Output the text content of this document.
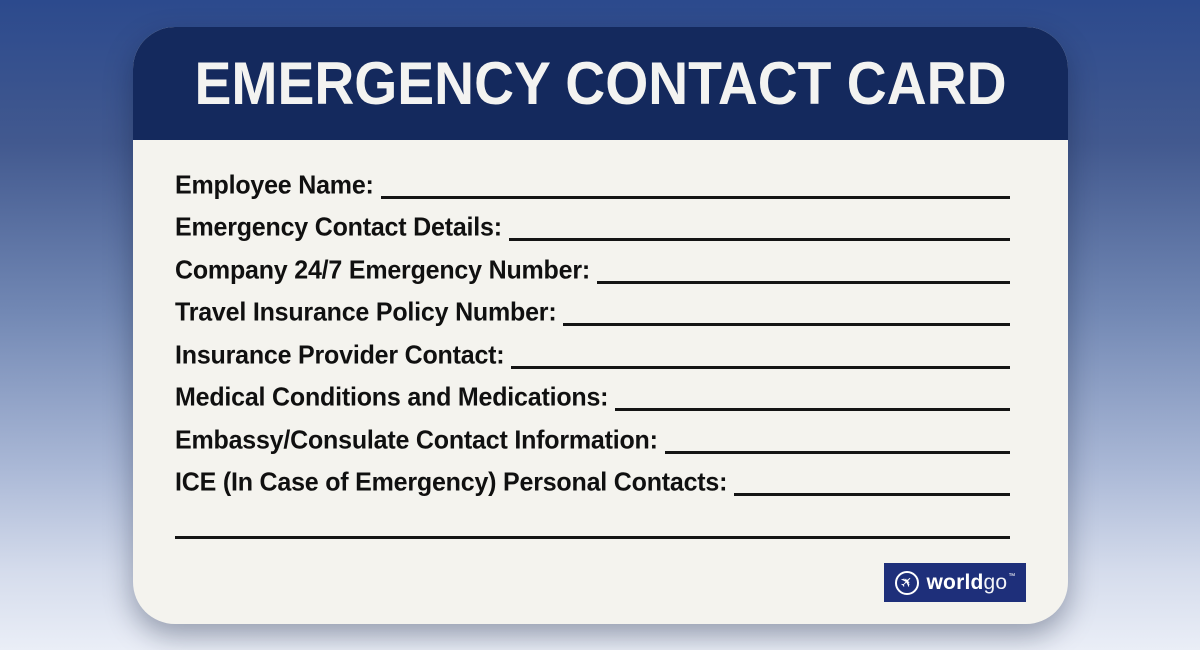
EMERGENCY CONTACT CARD
Employee Name:
Emergency Contact Details:
Company 24/7 Emergency Number:
Travel Insurance Policy Number:
Insurance Provider Contact:
Medical Conditions and Medications:
Embassy/Consulate Contact Information:
ICE (In Case of Emergency) Personal Contacts:
✈ world go ™
